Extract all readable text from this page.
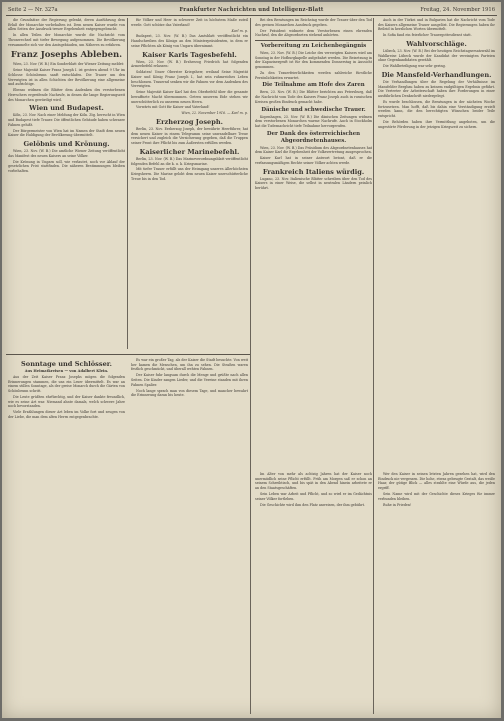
Seite 2 — Nr. 327a	Frankfurter Nachrichten und Intelligenz-Blatt	Freitag, 24. November 1916

die Grundsätze der Regierung gelenkt, deren Ausführung dem Erlaß der Monarchie vorbehalten ist. Dem neuen Kaiser wurde von allen Seiten der Ausdruck treuer Ergebenheit entgegengebracht.

In allen Teilen der Monarchie wurde die Nachricht vom Thronwechsel mit tiefer Bewegung aufgenommen. Die Bevölkerung versammelte sich vor den Amtsgebäuden, um Näheres zu erfahren.

Franz Josephs Ableben.

Wien, 23. Nov. (W. B.) Ein Sonderblatt der Wiener Zeitung meldet:

Seine Majestät Kaiser Franz Joseph I. ist gestern abend 9 Uhr im Schlosse Schönbrunn sanft entschlafen. Die Trauer um den Verewigten ist in allen Schichten der Bevölkerung eine allgemeine und aufrichtige.

Ebenso widmen die Blätter dem Andenken des verstorbenen Herrschers ergreifende Nachrufe, in denen die lange Regierungszeit des Monarchen gewürdigt wird.

Wien und Budapest.

Köln, 23. Nov. Nach einer Meldung der Köln. Ztg. herrscht in Wien und Budapest tiefe Trauer. Die öffentlichen Gebäude haben schwarze Fahnen gehißt.

Der Bürgermeister von Wien hat im Namen der Stadt dem neuen Kaiser die Huldigung der Bevölkerung übermittelt.

Gelöbnis und Krönung.

Wien, 23. Nov. (W. B.) Die amtliche Wiener Zeitung veröffentlicht das Manifest des neuen Kaisers an seine Völker.

Die Krönung in Ungarn soll, wie verlautet, noch vor Ablauf der gesetzlichen Frist stattfinden. Die näheren Bestimmungen bleiben vorbehalten.

für Völker und Heer in schwerer Zeit in höchstem Maße zuteil werde. Gott schütze das Vaterland!

Karl m. p.

Budapest, 23. Nov. (W. B.) Das Amtsblatt veröffentlicht ein Handschreiben des Königs an den Ministerpräsidenten, in dem er seine Pflichten als König von Ungarn übernimmt.

Kaiser Karls Tagesbefehl.

Wien, 23. Nov. (W. B.) Erzherzog Friedrich hat folgenden Armeebefehl erlassen:

Soldaten! Unser Oberster Kriegsherr, weiland Seine Majestät Kaiser und König Franz Joseph I., hat sein ruhmreiches Leben beschlossen. Trauernd senken wir die Fahnen vor dem Andenken des Verewigten.

Seine Majestät Kaiser Karl hat den Oberbefehl über die gesamte bewaffnete Macht übernommen. Getreu unserem Eide stehen wir unerschütterlich zu unserem neuen Herrn.

Vorwärts mit Gott für Kaiser und Vaterland!

Wien, 22. November 1916. — Karl m. p.

Erzherzog Joseph.

Berlin, 23. Nov. Erzherzog Joseph, der bewährte Heerführer, hat dem neuen Kaiser in einem Telegramm seine unwandelbare Treue versichert und zugleich die Versicherung gegeben, daß die Truppen seiner Front ihre Pflicht bis zum Äußersten erfüllen werden.

Kaiserlicher Marinebefehl.

Berlin, 23. Nov. (W. B.) Das Marineverordnungsblatt veröffentlicht folgenden Befehl an die k. u. k. Kriegsmarine.

Mit tiefer Trauer erfüllt uns der Heimgang unseres Allerhöchsten Kriegsherrn. Die Marine gelobt dem neuen Kaiser unerschütterliche Treue bis in den Tod.

Bei den Beratungen im Reichstag wurde der Trauer über den Tod des greisen Monarchen Ausdruck gegeben.

Der Präsident widmete dem Verstorbenen einen ehrenden Nachruf, den die Abgeordneten stehend anhörten.

Vorbereitung zu Leichenbegängnis

Wien, 23. Nov. (W. B.) Die Leiche des verewigten Kaisers wird am Sonntag in der Hofburgkapelle aufgebahrt werden. Die Beisetzung in der Kapuzinergruft ist für den kommenden Donnerstag in Aussicht genommen.

Zu den Trauerfeierlichkeiten werden zahlreiche fürstliche Persönlichkeiten erwartet.

Die Teilnahme am Hofe des Zaren

Bern, 23. Nov. (W. B.) Die Blätter berichten aus Petersburg, daß die Nachricht vom Tode des Kaisers Franz Joseph auch in russischen Kreisen großen Eindruck gemacht habe.

Dänische und schwedische Trauer.

Kopenhagen, 23. Nov. (W. B.) Die dänischen Zeitungen widmen dem verstorbenen Monarchen warme Nachrufe. Auch in Stockholm hat die Todesnachricht tiefe Teilnahme hervorgerufen.

Der Dank des österreichischen Abgeordnetenhauses.

Wien, 23. Nov. (W. B.) Das Präsidium des Abgeordnetenhauses hat dem Kaiser Karl die Ergebenheit der Volksvertretung ausgesprochen.

Kaiser Karl hat in seiner Antwort betont, daß er die verfassungsmäßigen Rechte seiner Völker achten werde.

Frankreich Italiens würdig.

Lugano, 23. Nov. Italienische Blätter schreiben über den Tod des Kaisers in einer Weise, die selbst in neutralen Ländern peinlich berührt.

Auch in der Türkei und in Bulgarien hat die Nachricht vom Tode des Kaisers allgemeine Trauer ausgelöst. Die Regierungen haben ihr Beileid in herzlichen Worten übermittelt.

In Sofia fand ein feierlicher Trauergottesdienst statt.

Wahlvorschläge.

Lübeck, 23. Nov. (W. B.) Bei der heutigen Reichstagsersatzwahl im Wahlkreise Lübeck wurde der Kandidat der vereinigten Parteien ohne Gegenkandidaten gewählt.

Die Wahlbeteiligung war sehr gering.

Die Mansfeld-Verhandlungen.

Die Verhandlungen über die Regelung der Verhältnisse im Mansfelder Bergbau haben zu keinem endgültigen Ergebnis geführt. Die Vertreter der Arbeiterschaft haben ihre Forderungen in einer ausführlichen Denkschrift niedergelegt.

Es wurde beschlossen, die Beratungen in der nächsten Woche fortzusetzen. Man hofft, daß bis dahin eine Verständigung erzielt werden kann, die den berechtigten Wünschen beider Teile entspricht.

Die Behörden haben ihre Vermittlung angeboten, um die ungestörte Förderung in der jetzigen Kriegszeit zu sichern.

Sonntage und Schlösser.
Aus Heimatkreisen — von Adalbert Klein.

Aus der Zeit Kaiser Franz Josephs mögen die folgenden Erinnerungen stammen, die uns ein Leser übermittelt. Es war an einem stillen Sonntage, als der greise Monarch durch die Gärten von Schönbrunn schritt.

Die Leute grüßten ehrfürchtig, und der Kaiser dankte freundlich, wie es seine Art war. Niemand ahnte damals, welch schwere Jahre noch bevorstanden.

Viele Erzählungen dieser Art leben im Volke fort und zeugen von der Liebe, die man dem alten Herrn entgegenbrachte.

Es war ein großer Tag, als der Kaiser die Stadt besuchte. Von weit her kamen die Menschen, um ihn zu sehen. Die Straßen waren festlich geschmückt, und überall wehten Fahnen.

Der Kaiser fuhr langsam durch die Menge und grüßte nach allen Seiten. Die Kinder sangen Lieder, und die Vereine standen mit ihren Fahnen Spalier.

Noch lange sprach man von diesem Tage, und mancher bewahrt die Erinnerung daran bis heute.

Im Alter von mehr als achtzig Jahren hat der Kaiser noch unermüdlich seine Pflicht erfüllt. Früh am Morgen saß er schon an seinem Schreibtisch, und bis spät in den Abend hinein arbeitete er an den Staatsgeschäften.

Sein Leben war Arbeit und Pflicht, und so wird er im Gedächtnis seiner Völker fortleben.

Die Geschichte wird ihm den Platz anweisen, der ihm gebührt.

Wer den Kaiser in seinen letzten Jahren gesehen hat, wird den Eindruck nie vergessen. Die hohe, etwas gebeugte Gestalt, das weiße Haar, der gütige Blick — alles strahlte eine Würde aus, die jeden ergriff.

Sein Name wird mit der Geschichte dieses Krieges für immer verbunden bleiben.

Ruhe in Frieden!
